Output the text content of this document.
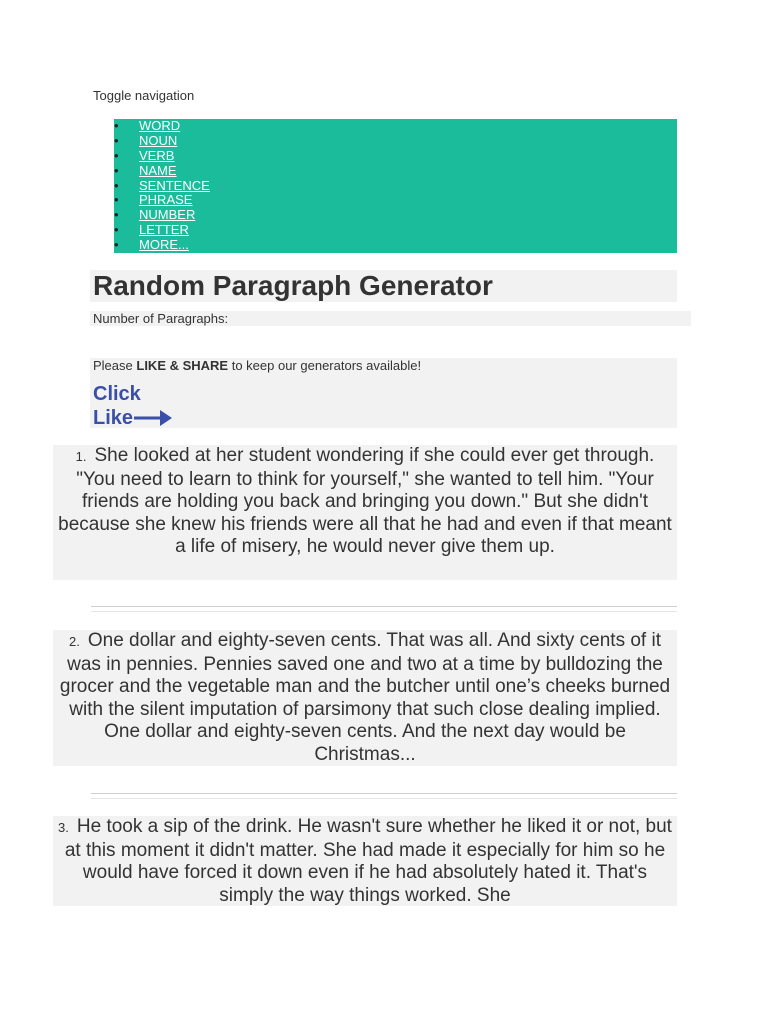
Toggle navigation
• WORD
• NOUN
• VERB
• NAME
• SENTENCE
• PHRASE
• NUMBER
• LETTER
• MORE...
Random Paragraph Generator
Number of Paragraphs:
Please LIKE & SHARE to keep our generators available!
Click
Like
1. She looked at her student wondering if she could ever get through. "You need to learn to think for yourself," she wanted to tell him. "Your friends are holding you back and bringing you down." But she didn't because she knew his friends were all that he had and even if that meant a life of misery, he would never give them up.
2. One dollar and eighty-seven cents. That was all. And sixty cents of it was in pennies. Pennies saved one and two at a time by bulldozing the grocer and the vegetable man and the butcher until one’s cheeks burned with the silent imputation of parsimony that such close dealing implied. One dollar and eighty-seven cents. And the next day would be Christmas...
3. He took a sip of the drink. He wasn't sure whether he liked it or not, but at this moment it didn't matter. She had made it especially for him so he would have forced it down even if he had absolutely hated it. That's simply the way things worked. She
